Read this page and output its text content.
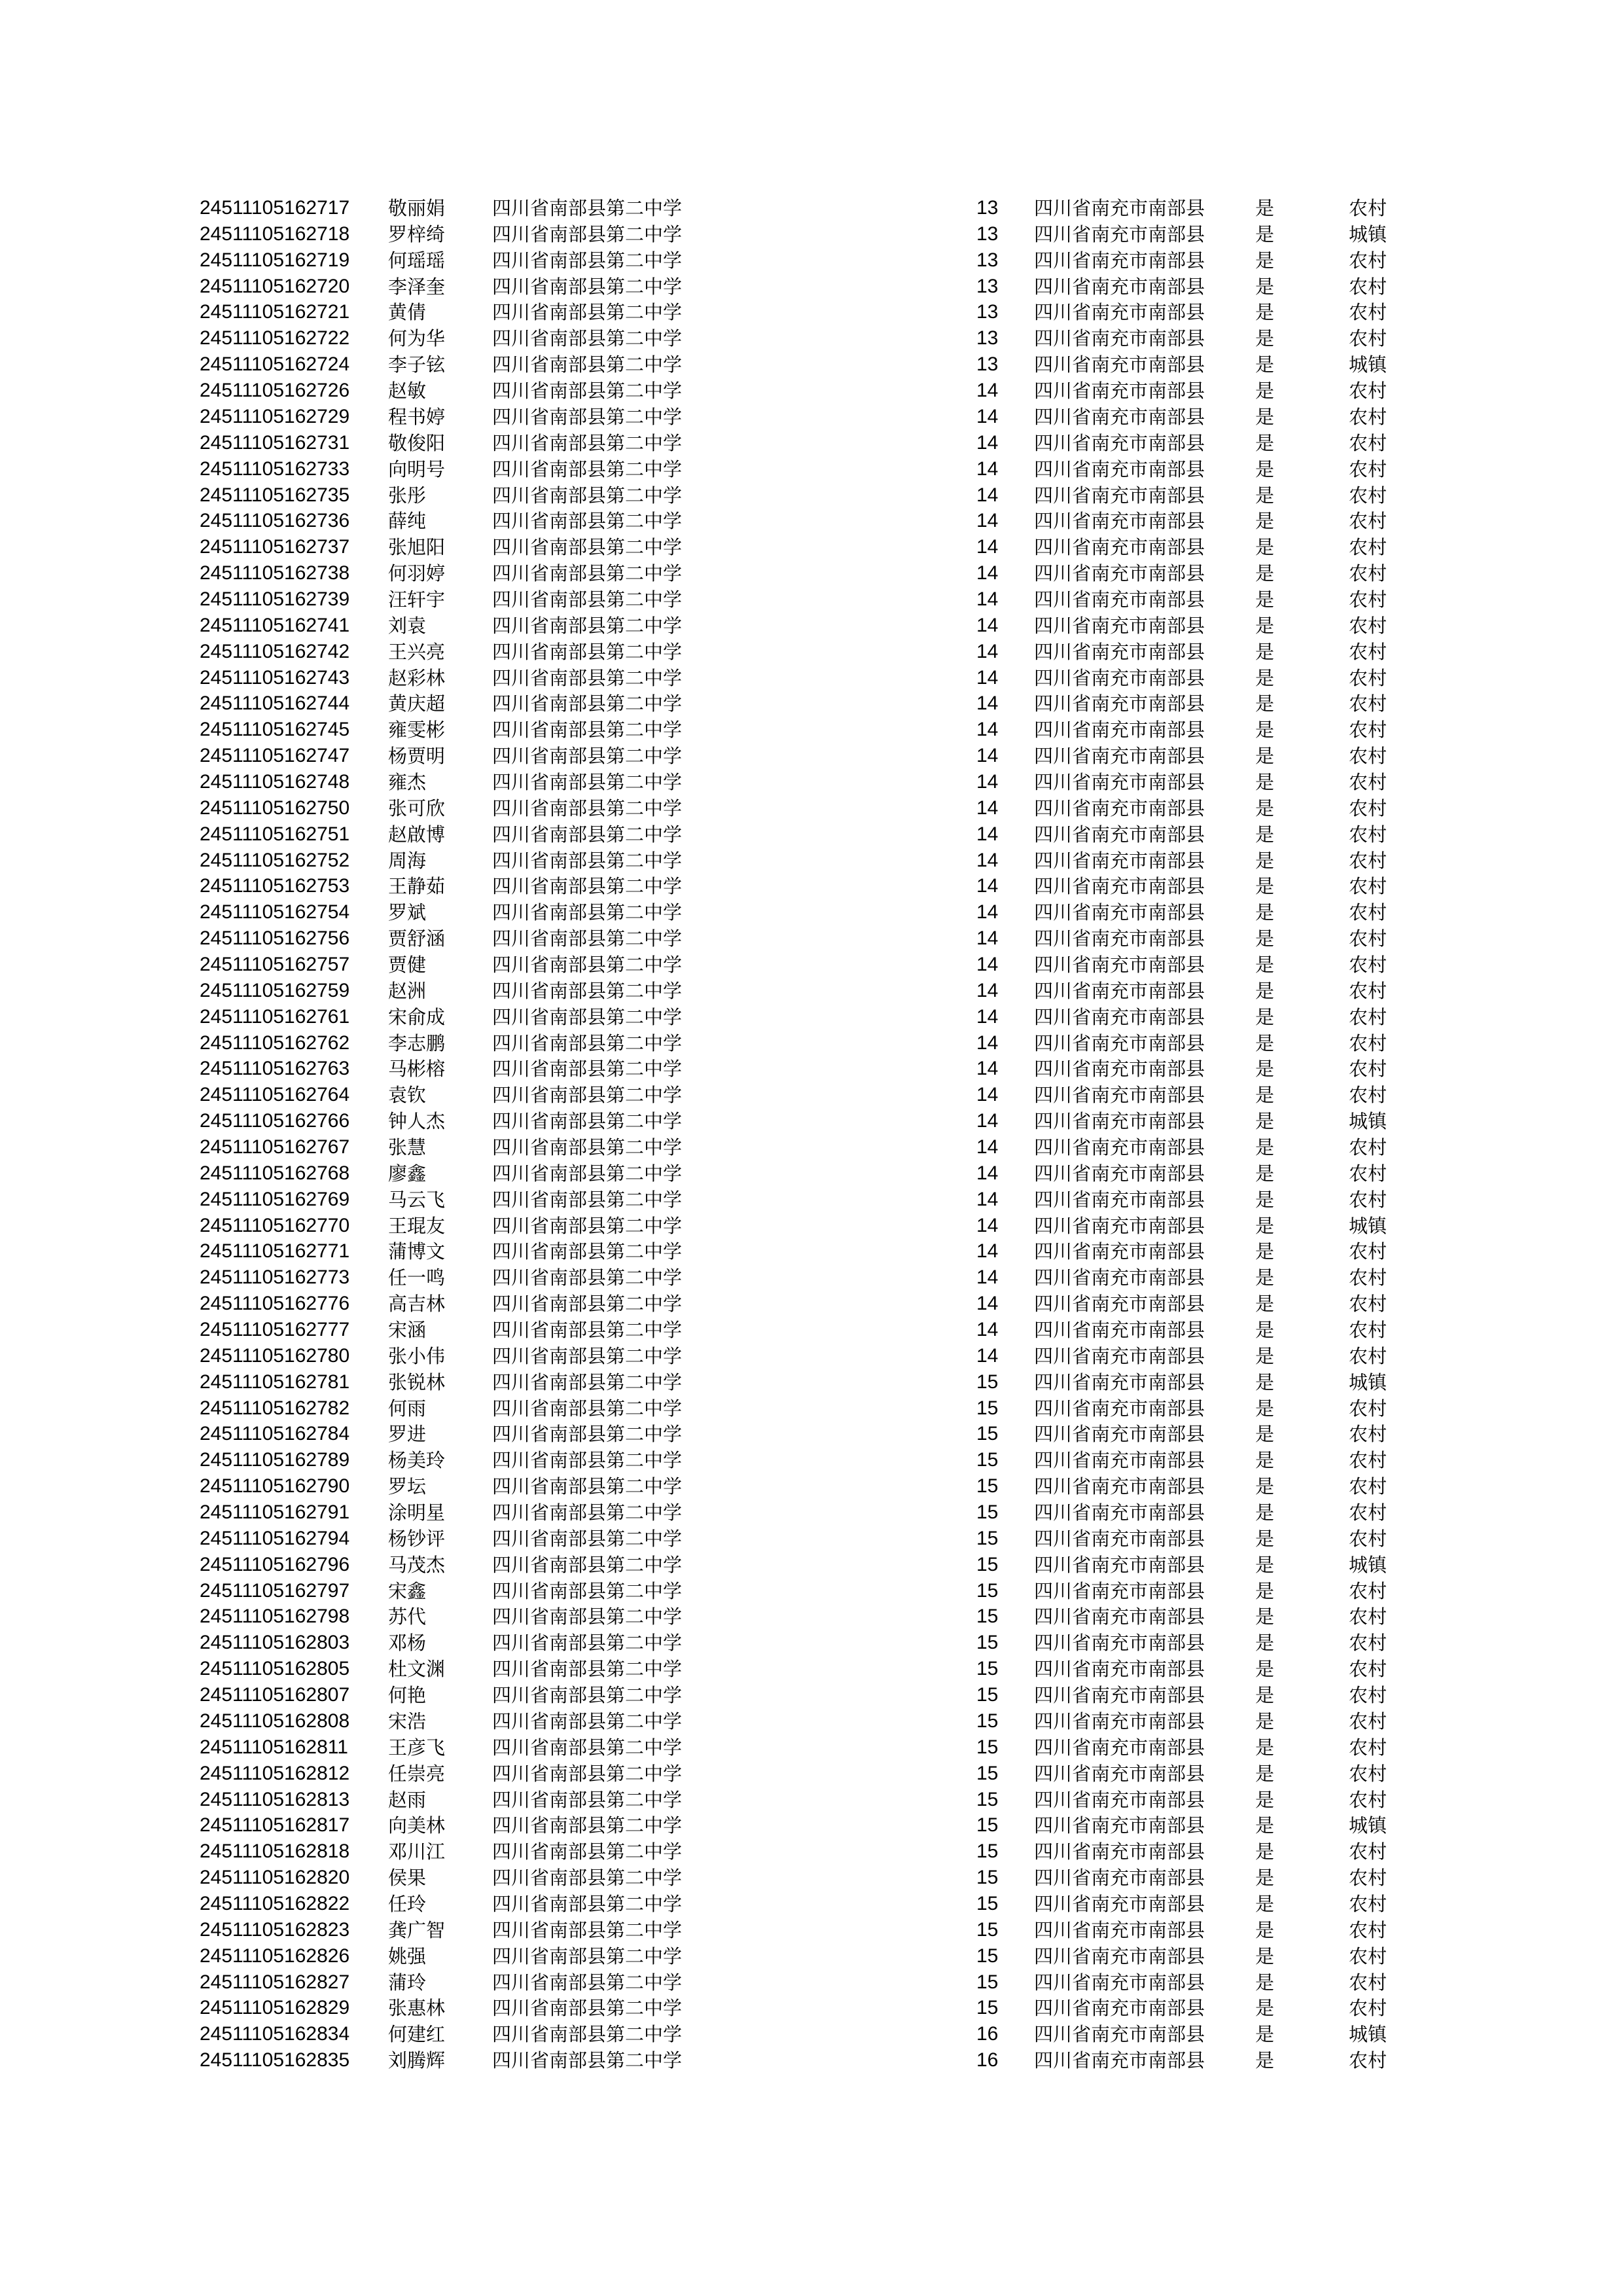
24511105162717 敬丽娟 四川省南部县第二中学	13 四川省南充市南部县	是	农村
24511105162718 罗梓绮 四川省南部县第二中学	13 四川省南充市南部县	是	城镇
24511105162719 何瑶瑶 四川省南部县第二中学	13 四川省南充市南部县	是	农村
24511105162720 李泽奎 四川省南部县第二中学	13 四川省南充市南部县	是	农村
24511105162721 黄倩	四川省南部县第二中学	13 四川省南充市南部县	是	农村
24511105162722 何为华 四川省南部县第二中学	13 四川省南充市南部县	是	农村
24511105162724 李子铉 四川省南部县第二中学	13 四川省南充市南部县	是	城镇
24511105162726 赵敏	四川省南部县第二中学	14 四川省南充市南部县	是	农村
24511105162729 程书婷 四川省南部县第二中学	14 四川省南充市南部县	是	农村
24511105162731 敬俊阳 四川省南部县第二中学	14 四川省南充市南部县	是	农村
24511105162733 向明号 四川省南部县第二中学	14 四川省南充市南部县	是	农村
24511105162735 张彤	四川省南部县第二中学	14 四川省南充市南部县	是	农村
24511105162736 薛纯	四川省南部县第二中学	14 四川省南充市南部县	是	农村
24511105162737 张旭阳 四川省南部县第二中学	14 四川省南充市南部县	是	农村
24511105162738 何羽婷 四川省南部县第二中学	14 四川省南充市南部县	是	农村
24511105162739 汪轩宇 四川省南部县第二中学	14 四川省南充市南部县	是	农村
24511105162741 刘袁	四川省南部县第二中学	14 四川省南充市南部县	是	农村
24511105162742 王兴亮 四川省南部县第二中学	14 四川省南充市南部县	是	农村
24511105162743 赵彩林 四川省南部县第二中学	14 四川省南充市南部县	是	农村
24511105162744 黄庆超 四川省南部县第二中学	14 四川省南充市南部县	是	农村
24511105162745 雍雯彬 四川省南部县第二中学	14 四川省南充市南部县	是	农村
24511105162747 杨贾明 四川省南部县第二中学	14 四川省南充市南部县	是	农村
24511105162748 雍杰	四川省南部县第二中学	14 四川省南充市南部县	是	农村
24511105162750 张可欣 四川省南部县第二中学	14 四川省南充市南部县	是	农村
24511105162751 赵啟博 四川省南部县第二中学	14 四川省南充市南部县	是	农村
24511105162752 周海	四川省南部县第二中学	14 四川省南充市南部县	是	农村
24511105162753 王静茹 四川省南部县第二中学	14 四川省南充市南部县	是	农村
24511105162754 罗斌	四川省南部县第二中学	14 四川省南充市南部县	是	农村
24511105162756 贾舒涵 四川省南部县第二中学	14 四川省南充市南部县	是	农村
24511105162757 贾健	四川省南部县第二中学	14 四川省南充市南部县	是	农村
24511105162759 赵洲	四川省南部县第二中学	14 四川省南充市南部县	是	农村
24511105162761 宋俞成 四川省南部县第二中学	14 四川省南充市南部县	是	农村
24511105162762 李志鹏 四川省南部县第二中学	14 四川省南充市南部县	是	农村
24511105162763 马彬榕 四川省南部县第二中学	14 四川省南充市南部县	是	农村
24511105162764 袁钦	四川省南部县第二中学	14 四川省南充市南部县	是	农村
24511105162766 钟人杰 四川省南部县第二中学	14 四川省南充市南部县	是	城镇
24511105162767 张慧	四川省南部县第二中学	14 四川省南充市南部县	是	农村
24511105162768 廖鑫	四川省南部县第二中学	14 四川省南充市南部县	是	农村
24511105162769 马云飞 四川省南部县第二中学	14 四川省南充市南部县	是	农村
24511105162770 王琨友 四川省南部县第二中学	14 四川省南充市南部县	是	城镇
24511105162771 蒲博文 四川省南部县第二中学	14 四川省南充市南部县	是	农村
24511105162773 任一鸣 四川省南部县第二中学	14 四川省南充市南部县	是	农村
24511105162776 高吉林 四川省南部县第二中学	14 四川省南充市南部县	是	农村
24511105162777 宋涵	四川省南部县第二中学	14 四川省南充市南部县	是	农村
24511105162780 张小伟 四川省南部县第二中学	14 四川省南充市南部县	是	农村
24511105162781 张锐林 四川省南部县第二中学	15 四川省南充市南部县	是	城镇
24511105162782 何雨	四川省南部县第二中学	15 四川省南充市南部县	是	农村
24511105162784 罗进	四川省南部县第二中学	15 四川省南充市南部县	是	农村
24511105162789 杨美玲 四川省南部县第二中学	15 四川省南充市南部县	是	农村
24511105162790 罗坛	四川省南部县第二中学	15 四川省南充市南部县	是	农村
24511105162791 涂明星 四川省南部县第二中学	15 四川省南充市南部县	是	农村
24511105162794 杨钞评 四川省南部县第二中学	15 四川省南充市南部县	是	农村
24511105162796 马茂杰 四川省南部县第二中学	15 四川省南充市南部县	是	城镇
24511105162797 宋鑫	四川省南部县第二中学	15 四川省南充市南部县	是	农村
24511105162798 苏代	四川省南部县第二中学	15 四川省南充市南部县	是	农村
24511105162803 邓杨	四川省南部县第二中学	15 四川省南充市南部县	是	农村
24511105162805 杜文渊 四川省南部县第二中学	15 四川省南充市南部县	是	农村
24511105162807 何艳	四川省南部县第二中学	15 四川省南充市南部县	是	农村
24511105162808 宋浩	四川省南部县第二中学	15 四川省南充市南部县	是	农村
24511105162811 王彦飞 四川省南部县第二中学	15 四川省南充市南部县	是	农村
24511105162812 任崇亮 四川省南部县第二中学	15 四川省南充市南部县	是	农村
24511105162813 赵雨	四川省南部县第二中学	15 四川省南充市南部县	是	农村
24511105162817 向美林 四川省南部县第二中学	15 四川省南充市南部县	是	城镇
24511105162818 邓川江 四川省南部县第二中学	15 四川省南充市南部县	是	农村
24511105162820 侯果	四川省南部县第二中学	15 四川省南充市南部县	是	农村
24511105162822 任玲	四川省南部县第二中学	15 四川省南充市南部县	是	农村
24511105162823 龚广智 四川省南部县第二中学	15 四川省南充市南部县	是	农村
24511105162826 姚强	四川省南部县第二中学	15 四川省南充市南部县	是	农村
24511105162827 蒲玲	四川省南部县第二中学	15 四川省南充市南部县	是	农村
24511105162829 张惠林 四川省南部县第二中学	15 四川省南充市南部县	是	农村
24511105162834 何建红 四川省南部县第二中学	16 四川省南充市南部县	是	城镇
24511105162835 刘腾辉 四川省南部县第二中学	16 四川省南充市南部县	是	农村
